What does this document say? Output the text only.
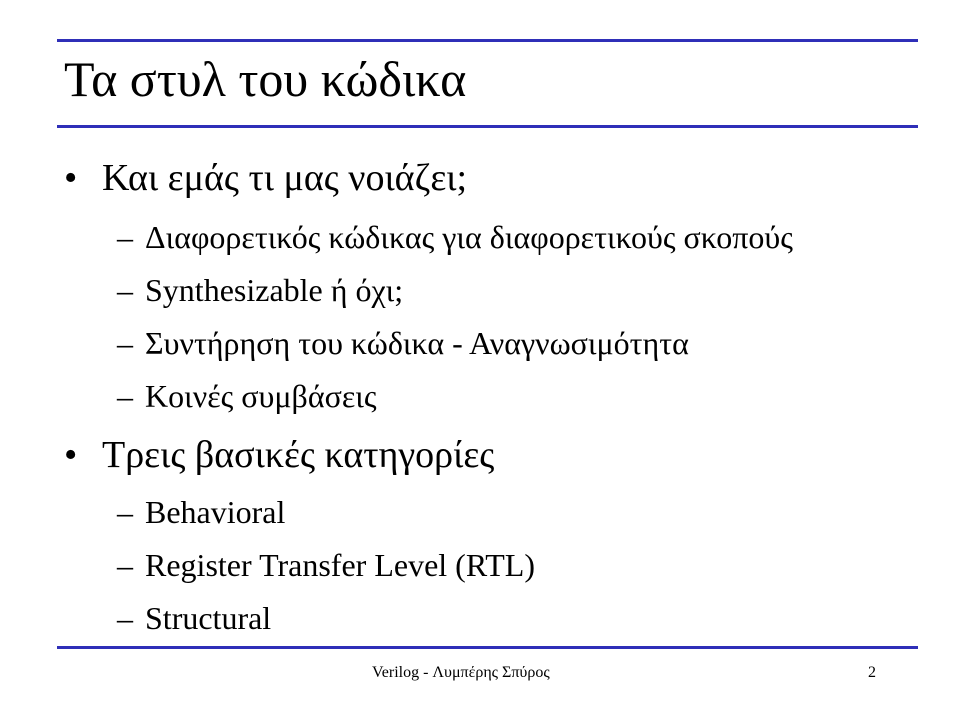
Τα στυλ του κώδικα
• Και εμάς τι μας νοιάζει;
– Διαφορετικός κώδικας για διαφορετικούς σκοπούς
– Synthesizable ή όχι;
– Συντήρηση του κώδικα - Αναγνωσιμότητα
– Κοινές συμβάσεις
• Τρεις βασικές κατηγορίες
– Behavioral
– Register Transfer Level (RTL)
– Structural
Verilog - Λυμπέρης Σπύρος	2
